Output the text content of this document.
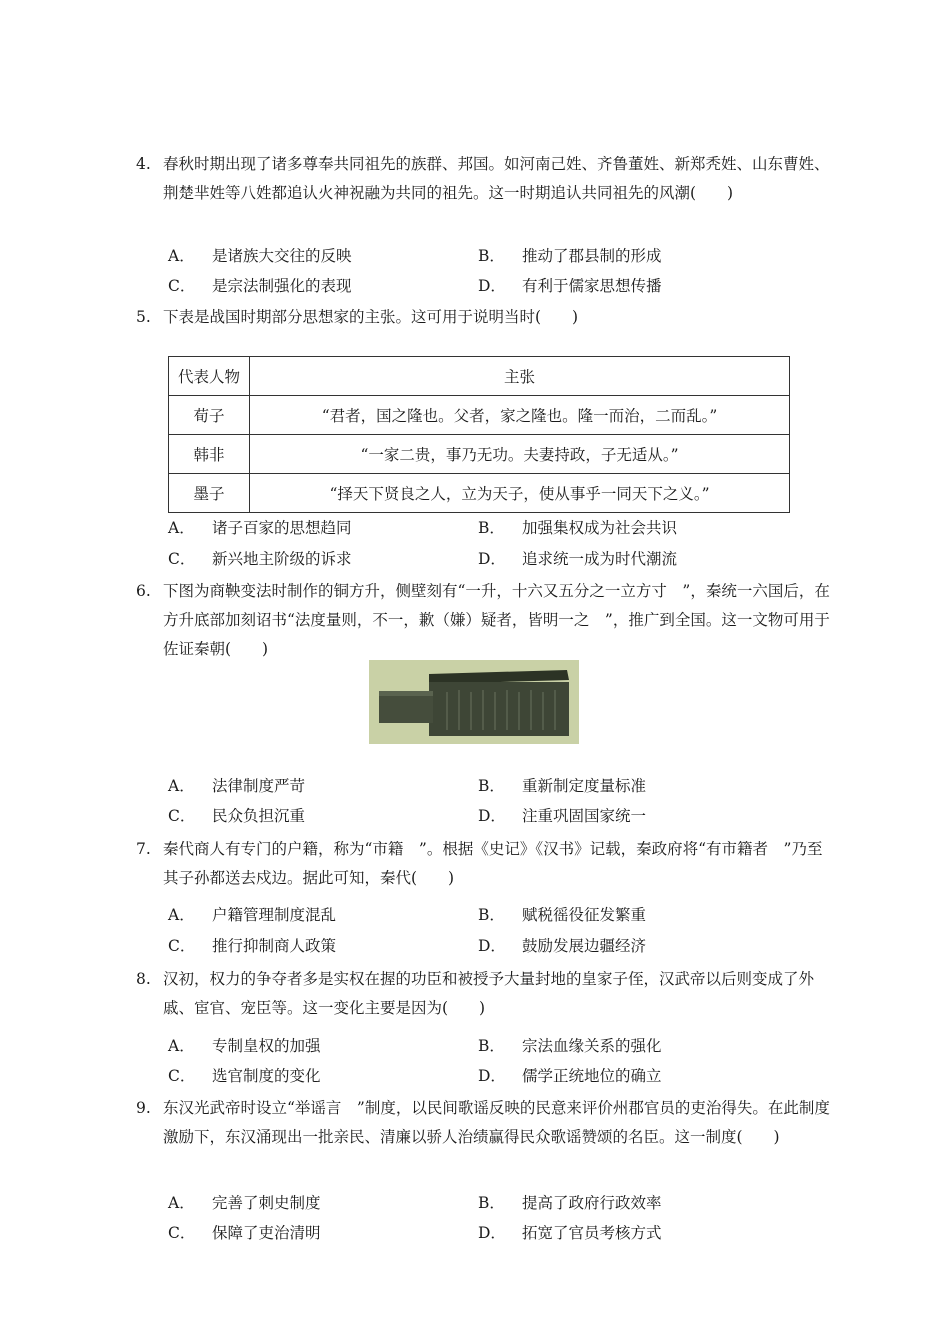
4. 春秋时期出现了诸多尊奉共同祖先的族群、邦国。如河南己姓、齐鲁董姓、新郑秃姓、山东曹姓、荆楚芈姓等八姓都追认火神祝融为共同的祖先。这一时期追认共同祖先的风潮(　　)
A． 是诸族大交往的反映	B． 推动了郡县制的形成
C． 是宗法制强化的表现	D． 有利于儒家思想传播
5. 下表是战国时期部分思想家的主张。这可用于说明当时(　　)
代表人物	主张
荀子	“君者，国之隆也。父者，家之隆也。隆一而治，二而乱。”
韩非	“一家二贵，事乃无功。夫妻持政，子无适从。”
墨子	“择天下贤良之人，立为天子，使从事乎一同天下之义。”
A． 诸子百家的思想趋同	B． 加强集权成为社会共识
C． 新兴地主阶级的诉求	D． 追求统一成为时代潮流
6. 下图为商鞅变法时制作的铜方升，侧壁刻有“一升，十六又五分之一立方寸　”，秦统一六国后，在方升底部加刻诏书“法度量则，不一，歉（嫌）疑者，皆明一之　”，推广到全国。这一文物可用于佐证秦朝(　　)
A． 法律制度严苛	B． 重新制定度量标准
C． 民众负担沉重	D． 注重巩固国家统一
7. 秦代商人有专门的户籍，称为“市籍　”。根据《史记》《汉书》记载，秦政府将“有市籍者　”乃至其子孙都送去戍边。据此可知，秦代(　　)
A． 户籍管理制度混乱	B． 赋税徭役征发繁重
C． 推行抑制商人政策	D． 鼓励发展边疆经济
8. 汉初，权力的争夺者多是实权在握的功臣和被授予大量封地的皇家子侄，汉武帝以后则变成了外戚、宦官、宠臣等。这一变化主要是因为(　　)
A． 专制皇权的加强	B． 宗法血缘关系的强化
C． 选官制度的变化	D． 儒学正统地位的确立
9. 东汉光武帝时设立“举谣言　”制度，以民间歌谣反映的民意来评价州郡官员的吏治得失。在此制度激励下，东汉涌现出一批亲民、清廉以骄人治绩赢得民众歌谣赞颂的名臣。这一制度(　　)
A． 完善了刺史制度	B． 提高了政府行政效率
C． 保障了吏治清明	D． 拓宽了官员考核方式
